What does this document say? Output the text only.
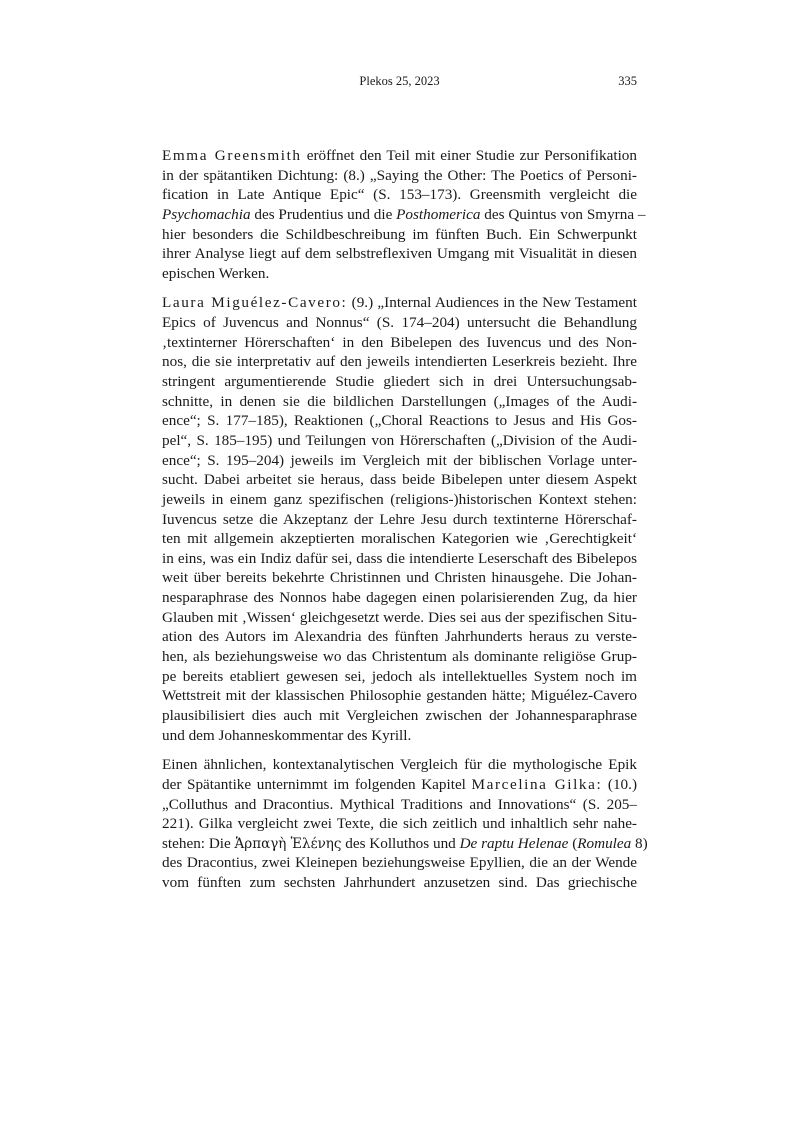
Plekos 25, 2023	335
Emma Greensmith eröffnet den Teil mit einer Studie zur Personifikation
in der spätantiken Dichtung: (8.) „Saying the Other: The Poetics of Personi-
fication in Late Antique Epic“ (S. 153–173). Greensmith vergleicht die
Psychomachia des Prudentius und die Posthomerica des Quintus von Smyrna –
hier besonders die Schildbeschreibung im fünften Buch. Ein Schwerpunkt
ihrer Analyse liegt auf dem selbstreflexiven Umgang mit Visualität in diesen
epischen Werken.
Laura Miguélez-Cavero: (9.) „Internal Audiences in the New Testament
Epics of Juvencus and Nonnus“ (S. 174–204) untersucht die Behandlung
‚textinterner Hörerschaften‘ in den Bibelepen des Iuvencus und des Non-
nos, die sie interpretativ auf den jeweils intendierten Leserkreis bezieht. Ihre
stringent argumentierende Studie gliedert sich in drei Untersuchungsab-
schnitte, in denen sie die bildlichen Darstellungen („Images of the Audi-
ence“; S. 177–185), Reaktionen („Choral Reactions to Jesus and His Gos-
pel“, S. 185–195) und Teilungen von Hörerschaften („Division of the Audi-
ence“; S. 195–204) jeweils im Vergleich mit der biblischen Vorlage unter-
sucht. Dabei arbeitet sie heraus, dass beide Bibelepen unter diesem Aspekt
jeweils in einem ganz spezifischen (religions-)historischen Kontext stehen:
Iuvencus setze die Akzeptanz der Lehre Jesu durch textinterne Hörerschaf-
ten mit allgemein akzeptierten moralischen Kategorien wie ‚Gerechtigkeit‘
in eins, was ein Indiz dafür sei, dass die intendierte Leserschaft des Bibelepos
weit über bereits bekehrte Christinnen und Christen hinausgehe. Die Johan-
nesparaphrase des Nonnos habe dagegen einen polarisierenden Zug, da hier
Glauben mit ‚Wissen‘ gleichgesetzt werde. Dies sei aus der spezifischen Situ-
ation des Autors im Alexandria des fünften Jahrhunderts heraus zu verste-
hen, als beziehungsweise wo das Christentum als dominante religiöse Grup-
pe bereits etabliert gewesen sei, jedoch als intellektuelles System noch im
Wettstreit mit der klassischen Philosophie gestanden hätte; Miguélez-Cavero
plausibilisiert dies auch mit Vergleichen zwischen der Johannesparaphrase
und dem Johanneskommentar des Kyrill.
Einen ähnlichen, kontextanalytischen Vergleich für die mythologische Epik
der Spätantike unternimmt im folgenden Kapitel Marcelina Gilka: (10.)
„Colluthus and Dracontius. Mythical Traditions and Innovations“ (S. 205–
221). Gilka vergleicht zwei Texte, die sich zeitlich und inhaltlich sehr nahe-
stehen: Die Ἁρπαγὴ Ἑλένης des Kolluthos und De raptu Helenae (Romulea 8)
des Dracontius, zwei Kleinepen beziehungsweise Epyllien, die an der Wende
vom fünften zum sechsten Jahrhundert anzusetzen sind. Das griechische
